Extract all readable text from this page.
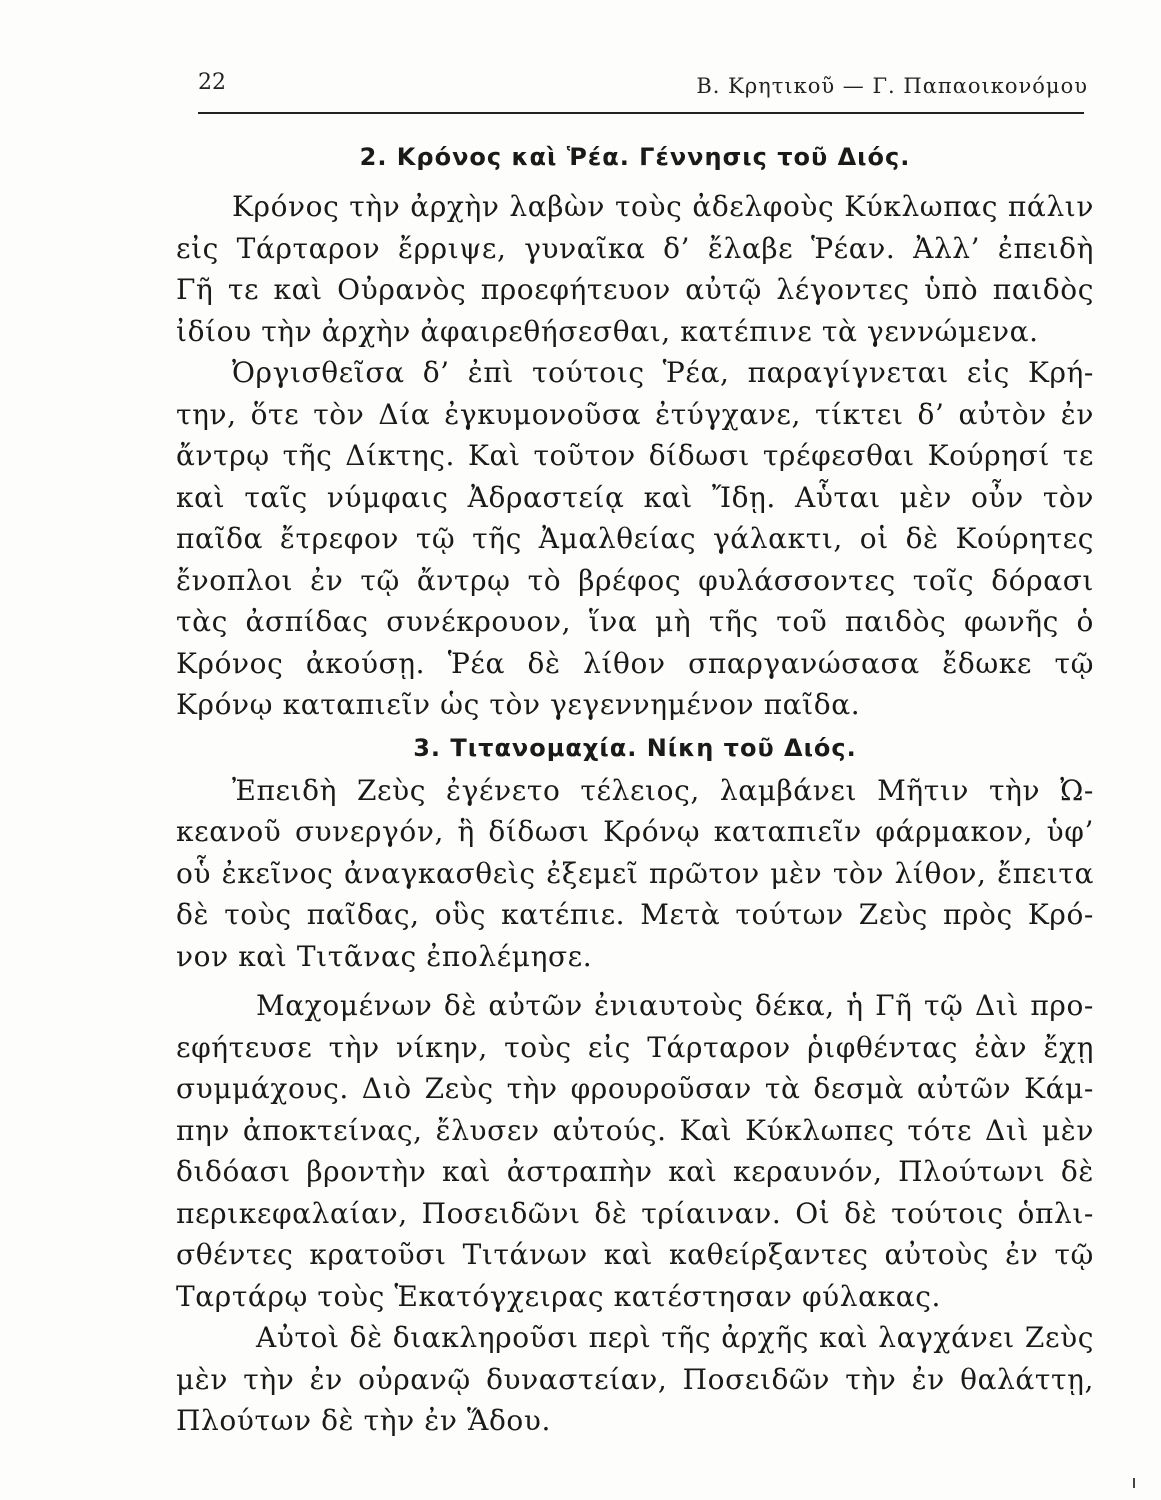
22	Β. Κρητικοῦ — Γ. Παπαοικονόμου
2. Κρόνος καὶ Ῥέα. Γέννησις τοῦ Διός.

Κρόνος τὴν ἀρχὴν λαβὼν τοὺς ἀδελφοὺς Κύκλωπας πάλιν
εἰς Τάρταρον ἔρριψε, γυναῖκα δ’ ἔλαβε Ῥέαν. Ἀλλ’ ἐπειδὴ
Γῆ τε καὶ Οὐρανὸς προεφήτευον αὐτῷ λέγοντες ὑπὸ παιδὸς
ἰδίου τὴν ἀρχὴν ἀφαιρεθήσεσθαι, κατέπινε τὰ γεννώμενα.

Ὀργισθεῖσα δ’ ἐπὶ τούτοις Ῥέα, παραγίγνεται εἰς Κρή-
την, ὅτε τὸν Δία ἐγκυμονοῦσα ἐτύγχανε, τίκτει δ’ αὐτὸν ἐν
ἄντρῳ τῆς Δίκτης. Καὶ τοῦτον δίδωσι τρέφεσθαι Κούρησί τε
καὶ ταῖς νύμφαις Ἀδραστείᾳ καὶ Ἴδῃ. Αὗται μὲν οὖν τὸν
παῖδα ἔτρεφον τῷ τῆς Ἀμαλθείας γάλακτι, οἱ δὲ Κούρητες
ἔνοπλοι ἐν τῷ ἄντρῳ τὸ βρέφος φυλάσσοντες τοῖς δόρασι
τὰς ἀσπίδας συνέκρουον, ἵνα μὴ τῆς τοῦ παιδὸς φωνῆς ὁ
Κρόνος ἀκούσῃ. Ῥέα δὲ λίθον σπαργανώσασα ἔδωκε τῷ
Κρόνῳ καταπιεῖν ὡς τὸν γεγεννημένον παῖδα.

3. Τιτανομαχία. Νίκη τοῦ Διός.

Ἐπειδὴ Ζεὺς ἐγένετο τέλειος, λαμβάνει Μῆτιν τὴν Ὠ-
κεανοῦ συνεργόν, ἣ δίδωσι Κρόνῳ καταπιεῖν φάρμακον, ὑφ’
οὗ ἐκεῖνος ἀναγκασθεὶς ἐξεμεῖ πρῶτον μὲν τὸν λίθον, ἔπειτα
δὲ τοὺς παῖδας, οὓς κατέπιε. Μετὰ τούτων Ζεὺς πρὸς Κρό-
νον καὶ Τιτᾶνας ἐπολέμησε.

Μαχομένων δὲ αὐτῶν ἐνιαυτοὺς δέκα, ἡ Γῆ τῷ Διὶ προ-
εφήτευσε τὴν νίκην, τοὺς εἰς Τάρταρον ῥιφθέντας ἐὰν ἔχῃ
συμμάχους. Διὸ Ζεὺς τὴν φρουροῦσαν τὰ δεσμὰ αὐτῶν Κάμ-
πην ἀποκτείνας, ἔλυσεν αὐτούς. Καὶ Κύκλωπες τότε Διὶ μὲν
διδόασι βροντὴν καὶ ἀστραπὴν καὶ κεραυνόν, Πλούτωνι δὲ
περικεφαλαίαν, Ποσειδῶνι δὲ τρίαιναν. Οἱ δὲ τούτοις ὁπλι-
σθέντες κρατοῦσι Τιτάνων καὶ καθείρξαντες αὐτοὺς ἐν τῷ
Ταρτάρῳ τοὺς Ἑκατόγχειρας κατέστησαν φύλακας.

Αὐτοὶ δὲ διακληροῦσι περὶ τῆς ἀρχῆς καὶ λαγχάνει Ζεὺς
μὲν τὴν ἐν οὐρανῷ δυναστείαν, Ποσειδῶν τὴν ἐν θαλάττῃ,
Πλούτων δὲ τὴν ἐν Ἅδου.
